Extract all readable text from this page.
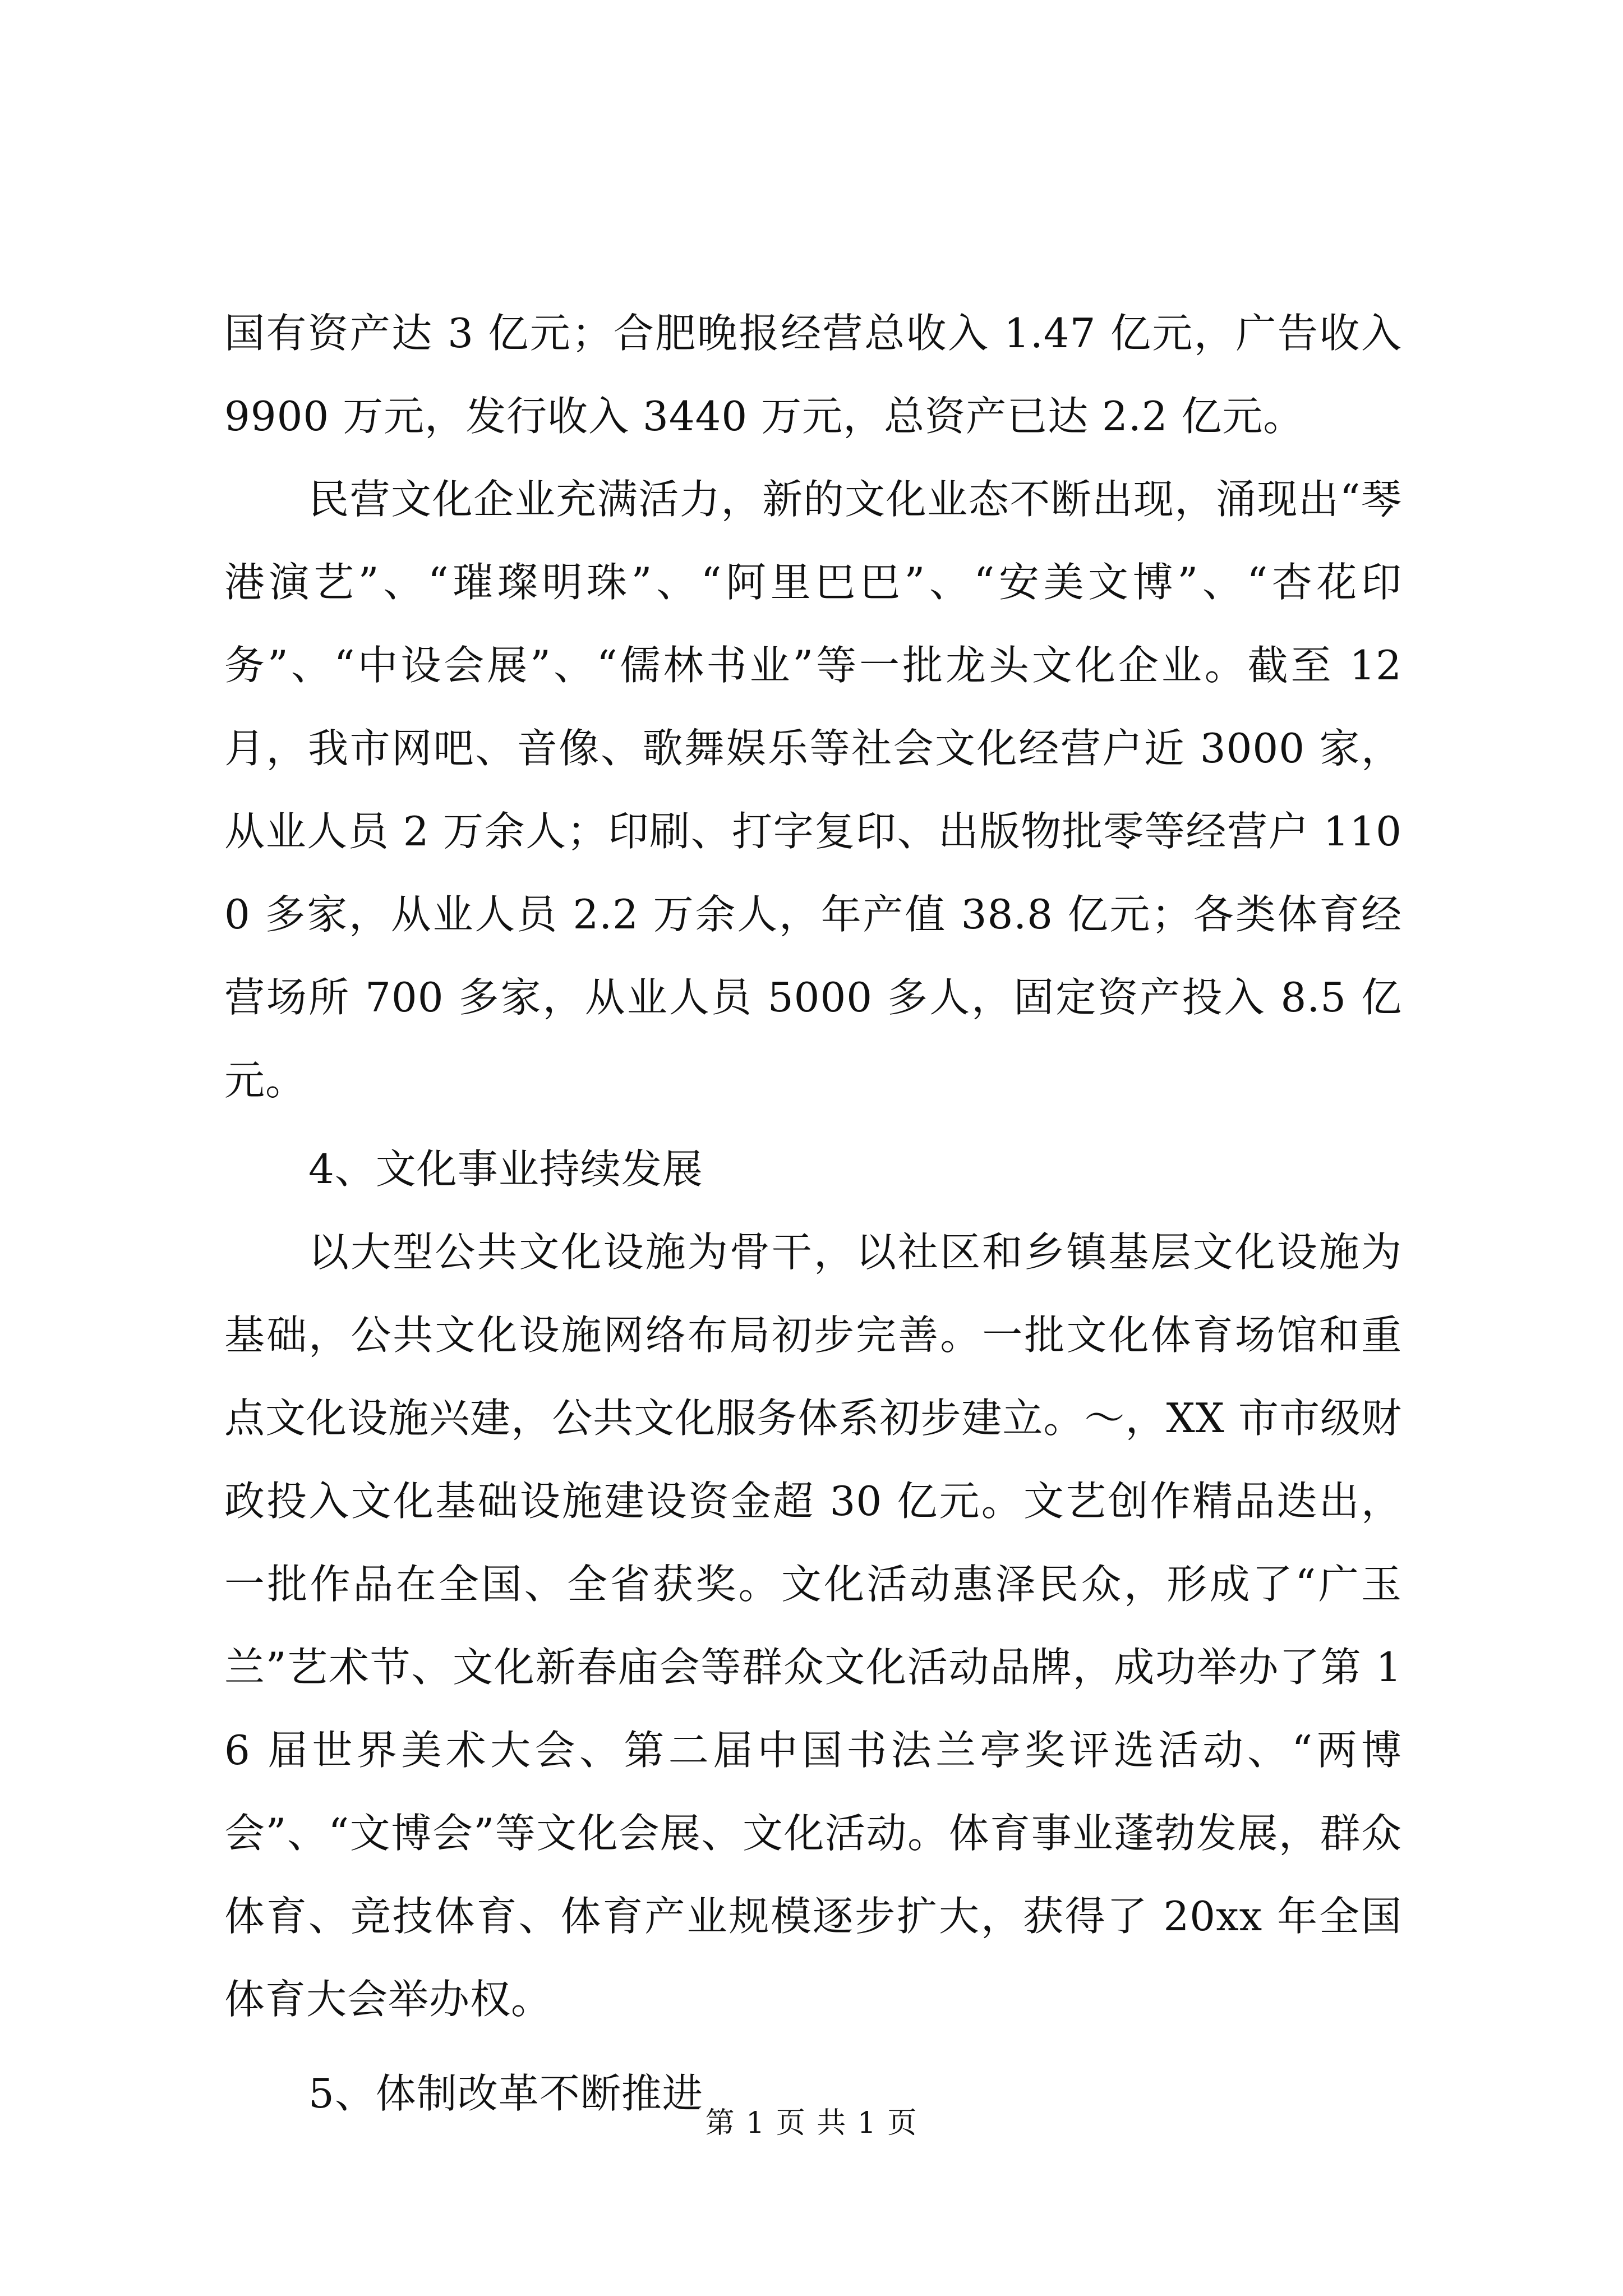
国有资产达 3 亿元；合肥晚报经营总收入 1.47 亿元，广告收入 9900 万元，发行收入 3440 万元，总资产已达 2.2 亿元。

民营文化企业充满活力，新的文化业态不断出现，涌现出“琴港演艺”、“璀璨明珠”、“阿里巴巴”、“安美文博”、“杏花印务”、“中设会展”、“儒林书业”等一批龙头文化企业。截至 12 月，我市网吧、音像、歌舞娱乐等社会文化经营户近 3000 家，从业人员 2 万余人；印刷、打字复印、出版物批零等经营户 1100 多家，从业人员 2.2 万余人，年产值 38.8 亿元；各类体育经营场所 700 多家，从业人员 5000 多人，固定资产投入 8.5 亿元。

4、文化事业持续发展

以大型公共文化设施为骨干，以社区和乡镇基层文化设施为基础，公共文化设施网络布局初步完善。一批文化体育场馆和重点文化设施兴建，公共文化服务体系初步建立。～，XX 市市级财政投入文化基础设施建设资金超 30 亿元。文艺创作精品迭出，一批作品在全国、全省获奖。文化活动惠泽民众，形成了“广玉兰”艺术节、文化新春庙会等群众文化活动品牌，成功举办了第 16 届世界美术大会、第二届中国书法兰亭奖评选活动、“两博会”、“文博会”等文化会展、文化活动。体育事业蓬勃发展，群众体育、竞技体育、体育产业规模逐步扩大，获得了 20xx 年全国体育大会举办权。

5、体制改革不断推进

第 1 页 共 1 页
